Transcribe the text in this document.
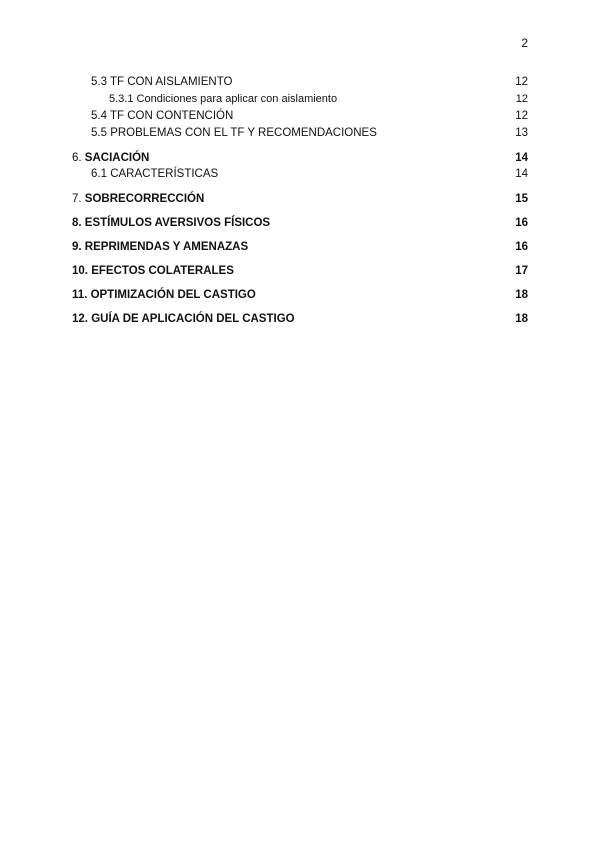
2
5.3 TF CON AISLAMIENTO	12
5.3.1 Condiciones para aplicar con aislamiento	12
5.4 TF CON CONTENCIÓN	12
5.5 PROBLEMAS CON EL TF Y RECOMENDACIONES	13
6. SACIACIÓN	14
6.1 CARACTERÍSTICAS	14
7. SOBRECORRECCIÓN	15
8. ESTÍMULOS AVERSIVOS FÍSICOS	16
9. REPRIMENDAS Y AMENAZAS	16
10. EFECTOS COLATERALES	17
11. OPTIMIZACIÓN DEL CASTIGO	18
12. GUÍA DE APLICACIÓN DEL CASTIGO	18
